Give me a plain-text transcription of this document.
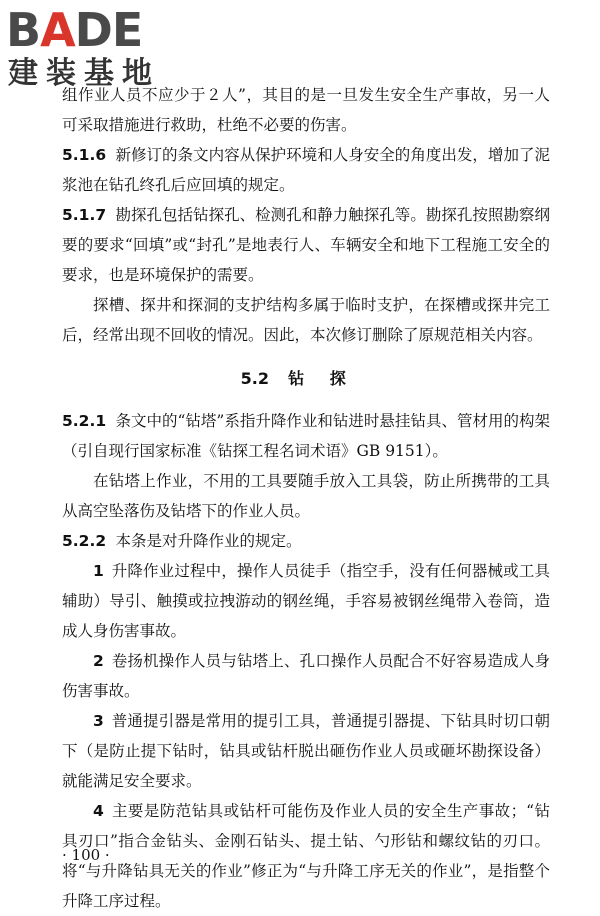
BADE
建装基地

组作业人员不应少于２人”，其目的是一旦发生安全生产事故，另一人可采取措施进行救助，杜绝不必要的伤害。

5.1.6 新修订的条文内容从保护环境和人身安全的角度出发，增加了泥浆池在钻孔终孔后应回填的规定。

5.1.7 勘探孔包括钻探孔、检测孔和静力触探孔等。勘探孔按照勘察纲要的要求“回填”或“封孔”是地表行人、车辆安全和地下工程施工安全的要求，也是环境保护的需要。

探槽、探井和探洞的支护结构多属于临时支护，在探槽或探井完工后，经常出现不回收的情况。因此，本次修订删除了原规范相关内容。

5.2 钻探

5.2.1 条文中的“钻塔”系指升降作业和钻进时悬挂钻具、管材用的构架（引自现行国家标准《钻探工程名词术语》GB 9151）。

在钻塔上作业，不用的工具要随手放入工具袋，防止所携带的工具从高空坠落伤及钻塔下的作业人员。

5.2.2 本条是对升降作业的规定。

1 升降作业过程中，操作人员徒手（指空手，没有任何器械或工具辅助）导引、触摸或拉拽游动的钢丝绳，手容易被钢丝绳带入卷筒，造成人身伤害事故。

2 卷扬机操作人员与钻塔上、孔口操作人员配合不好容易造成人身伤害事故。

3 普通提引器是常用的提引工具，普通提引器提、下钻具时切口朝下（是防止提下钻时，钻具或钻杆脱出砸伤作业人员或砸坏勘探设备）就能满足安全要求。

4 主要是防范钻具或钻杆可能伤及作业人员的安全生产事故；“钻具刃口”指合金钻头、金刚石钻头、提土钻、勺形钻和螺纹钻的刃口。将“与升降钻具无关的作业”修正为“与升降工序无关的作业”，是指整个升降工序过程。

· 100 ·
